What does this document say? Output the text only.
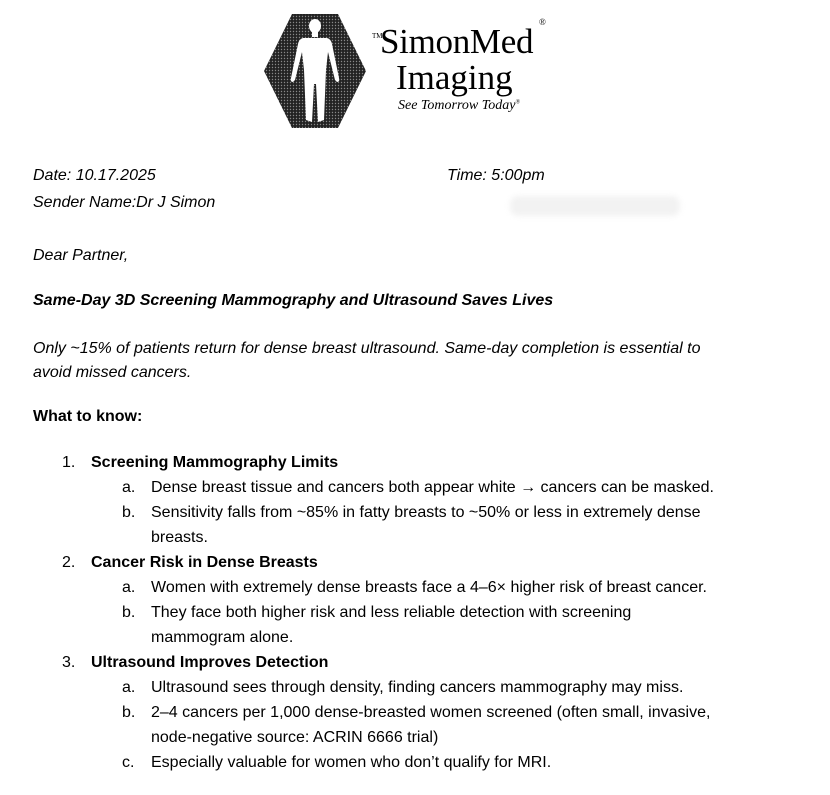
TM
SimonMed ®
Imaging
See Tomorrow Today®
Date: 10.17.2025	Time: 5:00pm
Sender Name:Dr J Simon
Dear Partner,
Same-Day 3D Screening Mammography and Ultrasound Saves Lives
Only ~15% of patients return for dense breast ultrasound. Same-day completion is essential to
avoid missed cancers.
What to know:
1. Screening Mammography Limits
a. Dense breast tissue and cancers both appear white → cancers can be masked.
b. Sensitivity falls from ~85% in fatty breasts to ~50% or less in extremely dense
breasts.
2. Cancer Risk in Dense Breasts
a. Women with extremely dense breasts face a 4–6× higher risk of breast cancer.
b. They face both higher risk and less reliable detection with screening
mammogram alone.
3. Ultrasound Improves Detection
a. Ultrasound sees through density, finding cancers mammography may miss.
b. 2–4 cancers per 1,000 dense-breasted women screened (often small, invasive,
node-negative source: ACRIN 6666 trial)
c. Especially valuable for women who don’t qualify for MRI.
